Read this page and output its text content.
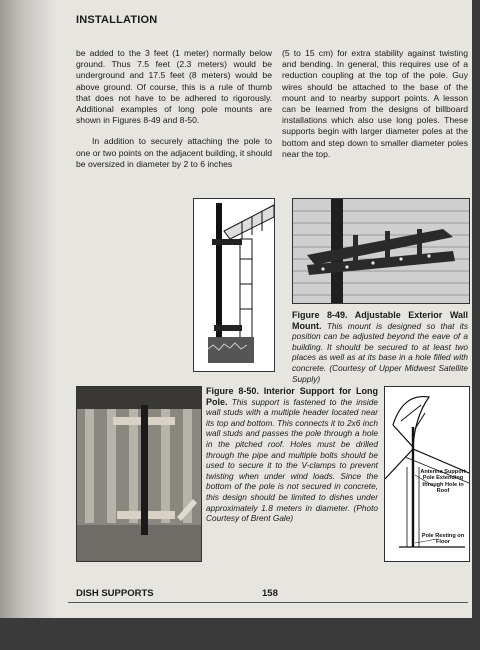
INSTALLATION

be added to the 3 feet (1 meter) normally below ground. Thus 7.5 feet (2.3 meters) would be underground and 17.5 feet (8 meters) would be above ground. Of course, this is a rule of thumb that does not have to be adhered to rigorously. Additional examples of long pole mounts are shown in Figures 8-49 and 8-50.

In addition to securely attaching the pole to one or two points on the adjacent building, it should be oversized in diameter by 2 to 6 inches

(5 to 15 cm) for extra stability against twisting and bending. In general, this requires use of a reduction coupling at the top of the pole. Guy wires should be attached to the base of the mount and to nearby support points. A lesson can be learned from the designs of billboard installations which also use long poles. These supports begin with larger diameter poles at the bottom and step down to smaller diameter poles near the top.

Figure 8-49. Adjustable Exterior Wall Mount. This mount is designed so that its position can be adjusted beyond the eave of a building. It should be secured to at least two places as well as at its base in a hole filled with concrete. (Courtesy of Upper Midwest Satellite Supply)
Figure 8-50. Interior Support for Long Pole. This support is fastened to the inside wall studs with a multiple header located near its top and bottom. This connects it to 2x6 inch wall studs and passes the pole through a hole in the pitched roof. Holes must be drilled through the pipe and multiple bolts should be used to secure it to the V-clamps to prevent twisting when under wind loads. Since the bottom of the pole is not secured in concrete, this design should be limited to dishes under approximately 1.8 meters in diameter. (Photo Courtesy of Brent Gale)
Antenna Support Pole Extending through Hole in Roof
Pole Resting on Floor
DISH SUPPORTS	158
